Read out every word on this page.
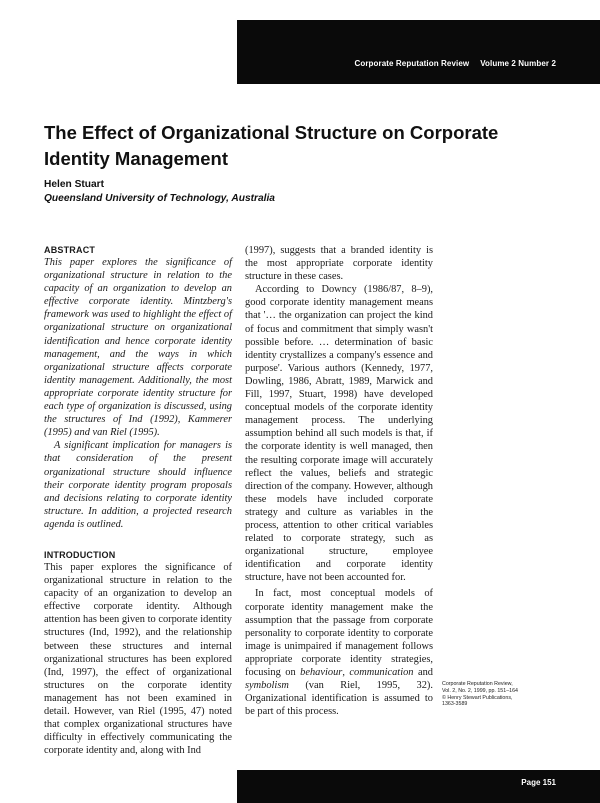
Corporate Reputation Review Volume 2 Number 2
The Effect of Organizational Structure on Corporate Identity Management

Helen Stuart

Queensland University of Technology, Australia

ABSTRACT

This paper explores the significance of organizational structure in relation to the capacity of an organization to develop an effective corporate identity. Mintzberg's framework was used to highlight the effect of organizational structure on organizational identification and hence corporate identity management, and the ways in which organizational structure affects corporate identity management. Additionally, the most appropriate corporate identity structure for each type of organization is discussed, using the structures of Ind (1992), Kammerer (1995) and van Riel (1995).

A significant implication for managers is that consideration of the present organizational structure should influence their corporate identity program proposals and decisions relating to corporate identity structure. In addition, a projected research agenda is outlined.

INTRODUCTION

This paper explores the significance of organizational structure in relation to the capacity of an organization to develop an effective corporate identity. Although attention has been given to corporate identity structures (Ind, 1992), and the relationship between these structures and internal organizational structures has been explored (Ind, 1997), the effect of organizational structures on the corporate identity management has not been examined in detail. However, van Riel (1995, 47) noted that complex organizational structures have difficulty in effectively communicating the corporate identity and, along with Ind

(1997), suggests that a branded identity is the most appropriate corporate identity structure in these cases.

According to Downcy (1986/87, 8–9), good corporate identity management means that '… the organization can project the kind of focus and commitment that simply wasn't possible before. … determination of basic identity crystallizes a company's essence and purpose'. Various authors (Kennedy, 1977, Dowling, 1986, Abratt, 1989, Marwick and Fill, 1997, Stuart, 1998) have developed conceptual models of the corporate identity management process. The underlying assumption behind all such models is that, if the corporate identity is well managed, then the resulting corporate image will accurately reflect the values, beliefs and strategic direction of the company. However, although these models have included corporate strategy and culture as variables in the process, attention to other critical variables related to corporate strategy, such as organizational structure, employee identification and corporate identity structure, have not been accounted for.

In fact, most conceptual models of corporate identity management make the assumption that the passage from corporate personality to corporate identity to corporate image is unimpaired if management follows appropriate corporate identity strategies, focusing on behaviour, communication and symbolism (van Riel, 1995, 32). Organizational identification is assumed to be part of this process.

Corporate Reputation Review,
Vol. 2, No. 2, 1999, pp. 151–164
© Henry Stewart Publications,
1363-3589
Page 151
